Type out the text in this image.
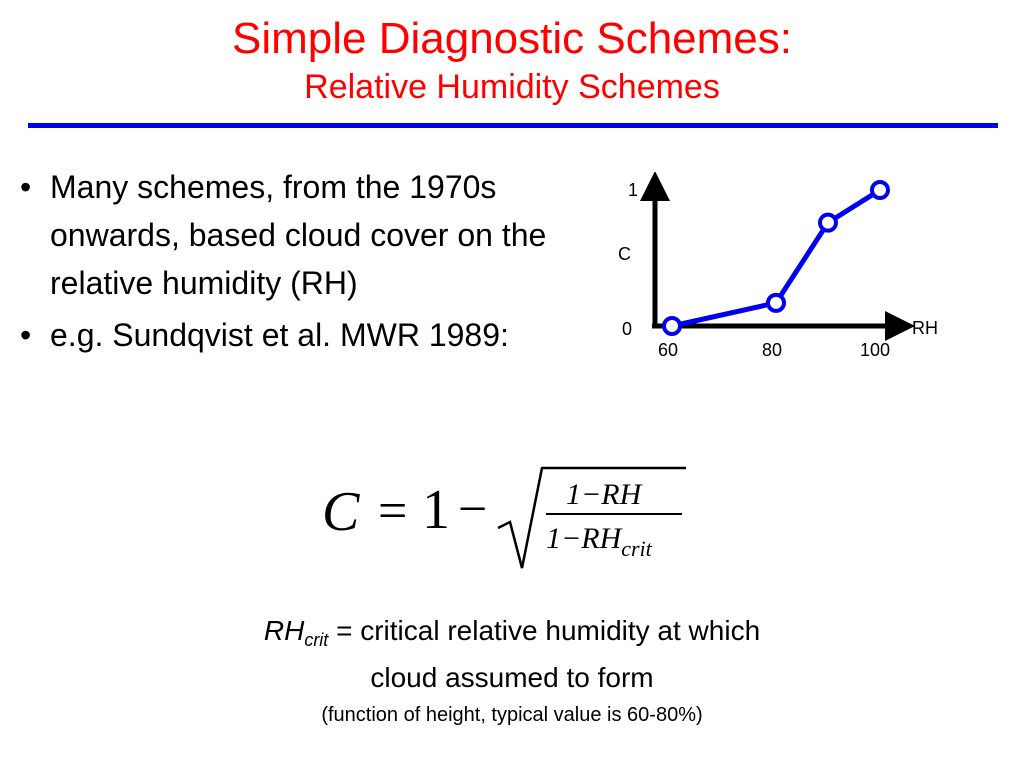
Simple Diagnostic Schemes:
Relative Humidity Schemes
• Many schemes, from the 1970s onwards, based cloud cover on the relative humidity (RH)
• e.g. Sundqvist et al. MWR 1989:
1
C
0	RH
60	80	100
C = 1 −	1−RH
$1-RH_{crit}$
$RH_{crit}$ = critical relative humidity at which
cloud assumed to form
(function of height, typical value is 60-80%)
